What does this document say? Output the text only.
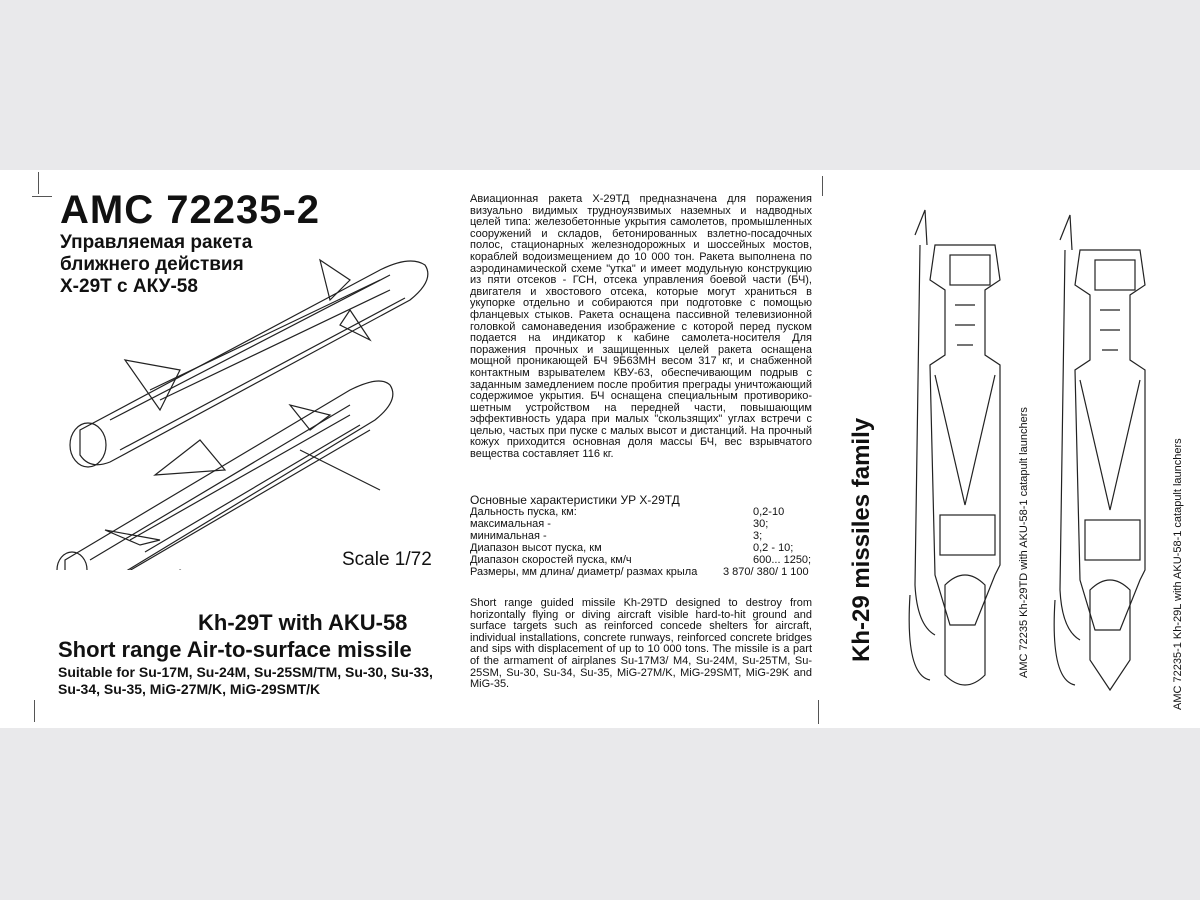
AMC 72235-2
Управляемая ракета
ближнего действия
Х-29Т с АКУ-58
Scale 1/72
Kh-29T with AKU-58
Short range Air-to-surface missile
Suitable for Su-17M, Su-24M, Su-25SM/TM, Su-30, Su-33, Su-34, Su-35, MiG-27M/K, MiG-29SMT/K
Авиационная ракета Х-29ТД предназначена для поражения визуально видимых трудноуязвимых наземных и надводных целей типа: железобетонные укрытия самолетов, промышленных сооружений и складов, бетонированных взлетно-посадочных полос, стационарных железнодорожных и шоссейных мостов, кораблей водоизмещением до 10 000 тон. Ракета выполнена по аэродинамической схеме "утка" и имеет модульную конструкцию из пяти отсеков - ГСН, отсека управления боевой части (БЧ), двигателя и хвостового отсека, которые могут храниться в укупорке отдельно и собираются при подготовке с помощью фланцевых стыков. Ракета оснащена пассивной телевизионной головкой самонаведения изображение с которой перед пуском подается на индикатор к кабине самолета-носителя Для поражения прочных и защищенных целей ракета оснащена мощной проникающей БЧ 9Б63МН весом 317 кг, и снабженной контактным взрывателем КВУ-63, обеспечивающим подрыв с заданным замедлением после пробития преграды уничтожающий содержимое укрытия. БЧ оснащена специальным противорико-шетным устройством на передней части, повышающим эффективность удара при малых "скользящих" углах встречи с целью, частых при пуске с малых высот и дистанций. На прочный кожух приходится основная доля массы БЧ, вес взрывчатого вещества составляет 116 кг.
Основные характеристики УР Х-29ТД
Дальность пуска, км:	0,2-10
максимальная -	30;
минимальная -	3;
Диапазон высот пуска, км	0,2 - 10;
Диапазон скоростей пуска, км/ч	600... 1250;
Размеры, мм длина/ диаметр/ размах крыла 3 870/ 380/ 1 100
Short range guided missile Kh-29TD designed to destroy from horizontally flying or diving aircraft visible hard-to-hit ground and surface targets such as reinforced concede shelters for aircraft, individual installations, concrete runways, reinforced concrete bridges and sips with displacement of up to 10 000 tons. The missile is a part of the armament of airplanes Su-17M3/ M4, Su-24M, Su-25TM, Su-25SM, Su-30, Su-34, Su-35, MiG-27M/K, MiG-29SMT, MiG-29K and MiG-35.
Kh-29 missiles family	AMC 72235 Kh-29TD with AKU-58-1 catapult launchers	AMC 72235-1 Kh-29L with AKU-58-1 catapult launchers
